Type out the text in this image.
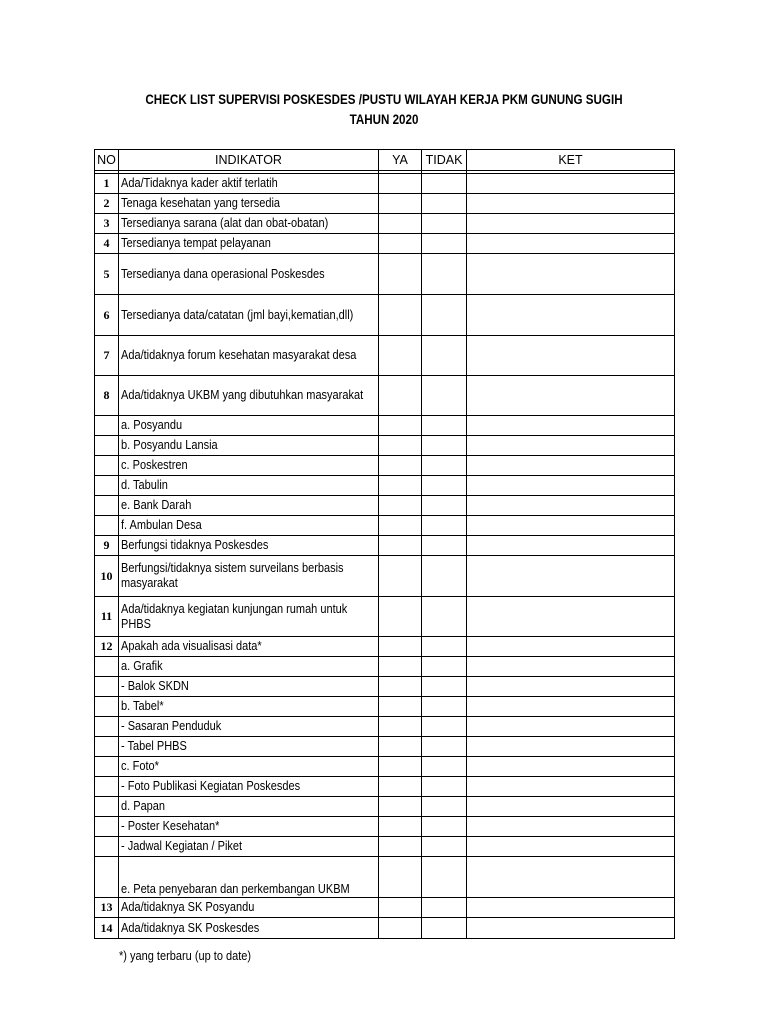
CHECK LIST SUPERVISI POSKESDES /PUSTU WILAYAH KERJA PKM GUNUNG SUGIH
TAHUN 2020
NO	INDIKATOR	YA	TIDAK	KET

1	Ada/Tidaknya kader aktif terlatih			
2	Tenaga kesehatan yang tersedia			
3	Tersedianya sarana (alat dan obat-obatan)			
4	Tersedianya tempat pelayanan			
5	Tersedianya dana operasional Poskesdes			
6	Tersedianya data/catatan (jml bayi,kematian,dll)			
7	Ada/tidaknya forum kesehatan masyarakat desa			
8	Ada/tidaknya UKBM yang dibutuhkan masyarakat			
	a. Posyandu			
	b. Posyandu Lansia			
	c. Poskestren			
	d. Tabulin			
	e. Bank Darah			
	f. Ambulan Desa			
9	Berfungsi tidaknya Poskesdes			
10	Berfungsi/tidaknya sistem surveilans berbasis masyarakat			
11	Ada/tidaknya kegiatan kunjungan rumah untuk PHBS			
12	Apakah ada visualisasi data*			
	a. Grafik			
	- Balok SKDN			
	b. Tabel*			
	- Sasaran Penduduk			
	- Tabel PHBS			
	c. Foto*			
	- Foto Publikasi Kegiatan Poskesdes			
	d. Papan			
	- Poster Kesehatan*			
	- Jadwal Kegiatan / Piket			
	e. Peta penyebaran dan perkembangan UKBM			
13	Ada/tidaknya SK Posyandu			
14	Ada/tidaknya SK Poskesdes			
*) yang terbaru (up to date)
